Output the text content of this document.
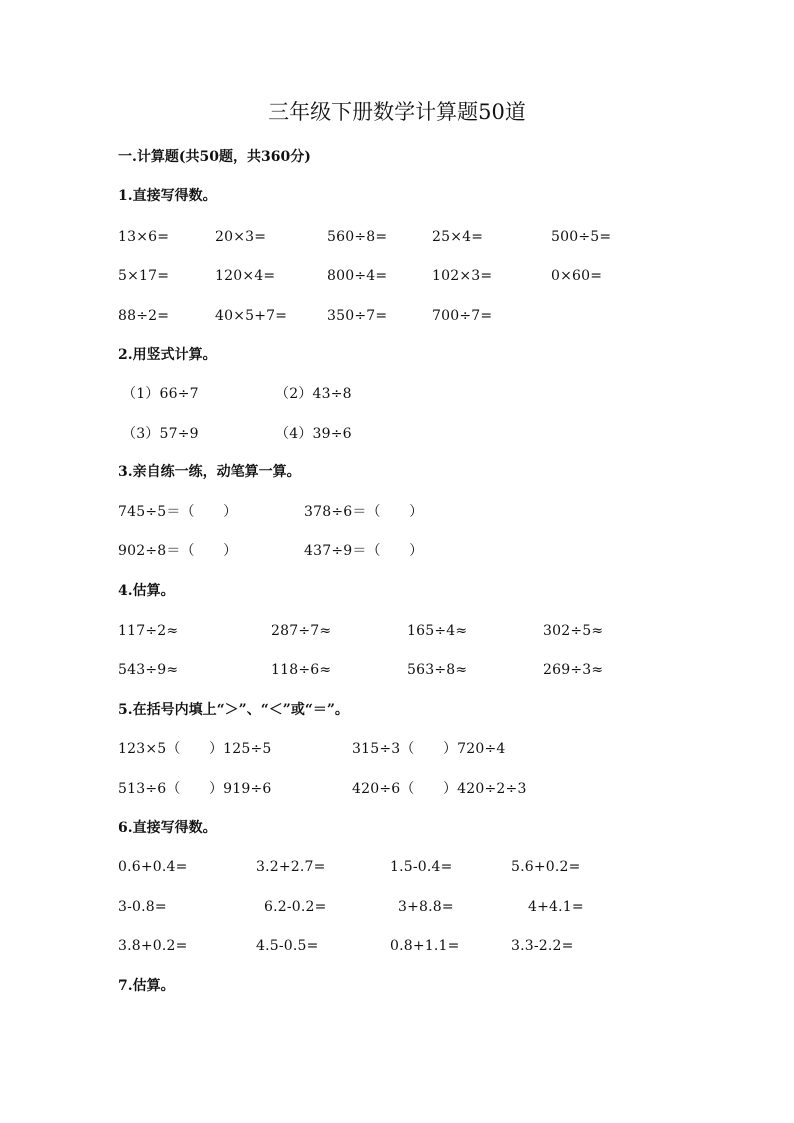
三年级下册数学计算题50道
一.计算题(共50题，共360分)
1.直接写得数。
13×6=	20×3=	560÷8=	25×4=	500÷5=
5×17=	120×4=	800÷4=	102×3=	0×60=
88÷2=	40×5+7=	350÷7=	700÷7=
2.用竖式计算。
（1）66÷7	（2）43÷8
（3）57÷9	（4）39÷6
3.亲自练一练，动笔算一算。
745÷5＝（　　）	378÷6＝（　　）
902÷8＝（　　）	437÷9＝（　　）
4.估算。
117÷2≈	287÷7≈	165÷4≈	302÷5≈
543÷9≈	118÷6≈	563÷8≈	269÷3≈
5.在括号内填上“＞”、“＜”或“＝”。
123×5（　　）125÷5	315÷3（　　）720÷4
513÷6（　　）919÷6	420÷6（　　）420÷2÷3
6.直接写得数。
0.6+0.4=	3.2+2.7=	1.5-0.4=	5.6+0.2=
3-0.8=	6.2-0.2=	3+8.8=	4+4.1=
3.8+0.2=	4.5-0.5=	0.8+1.1=	3.3-2.2=
7.估算。
